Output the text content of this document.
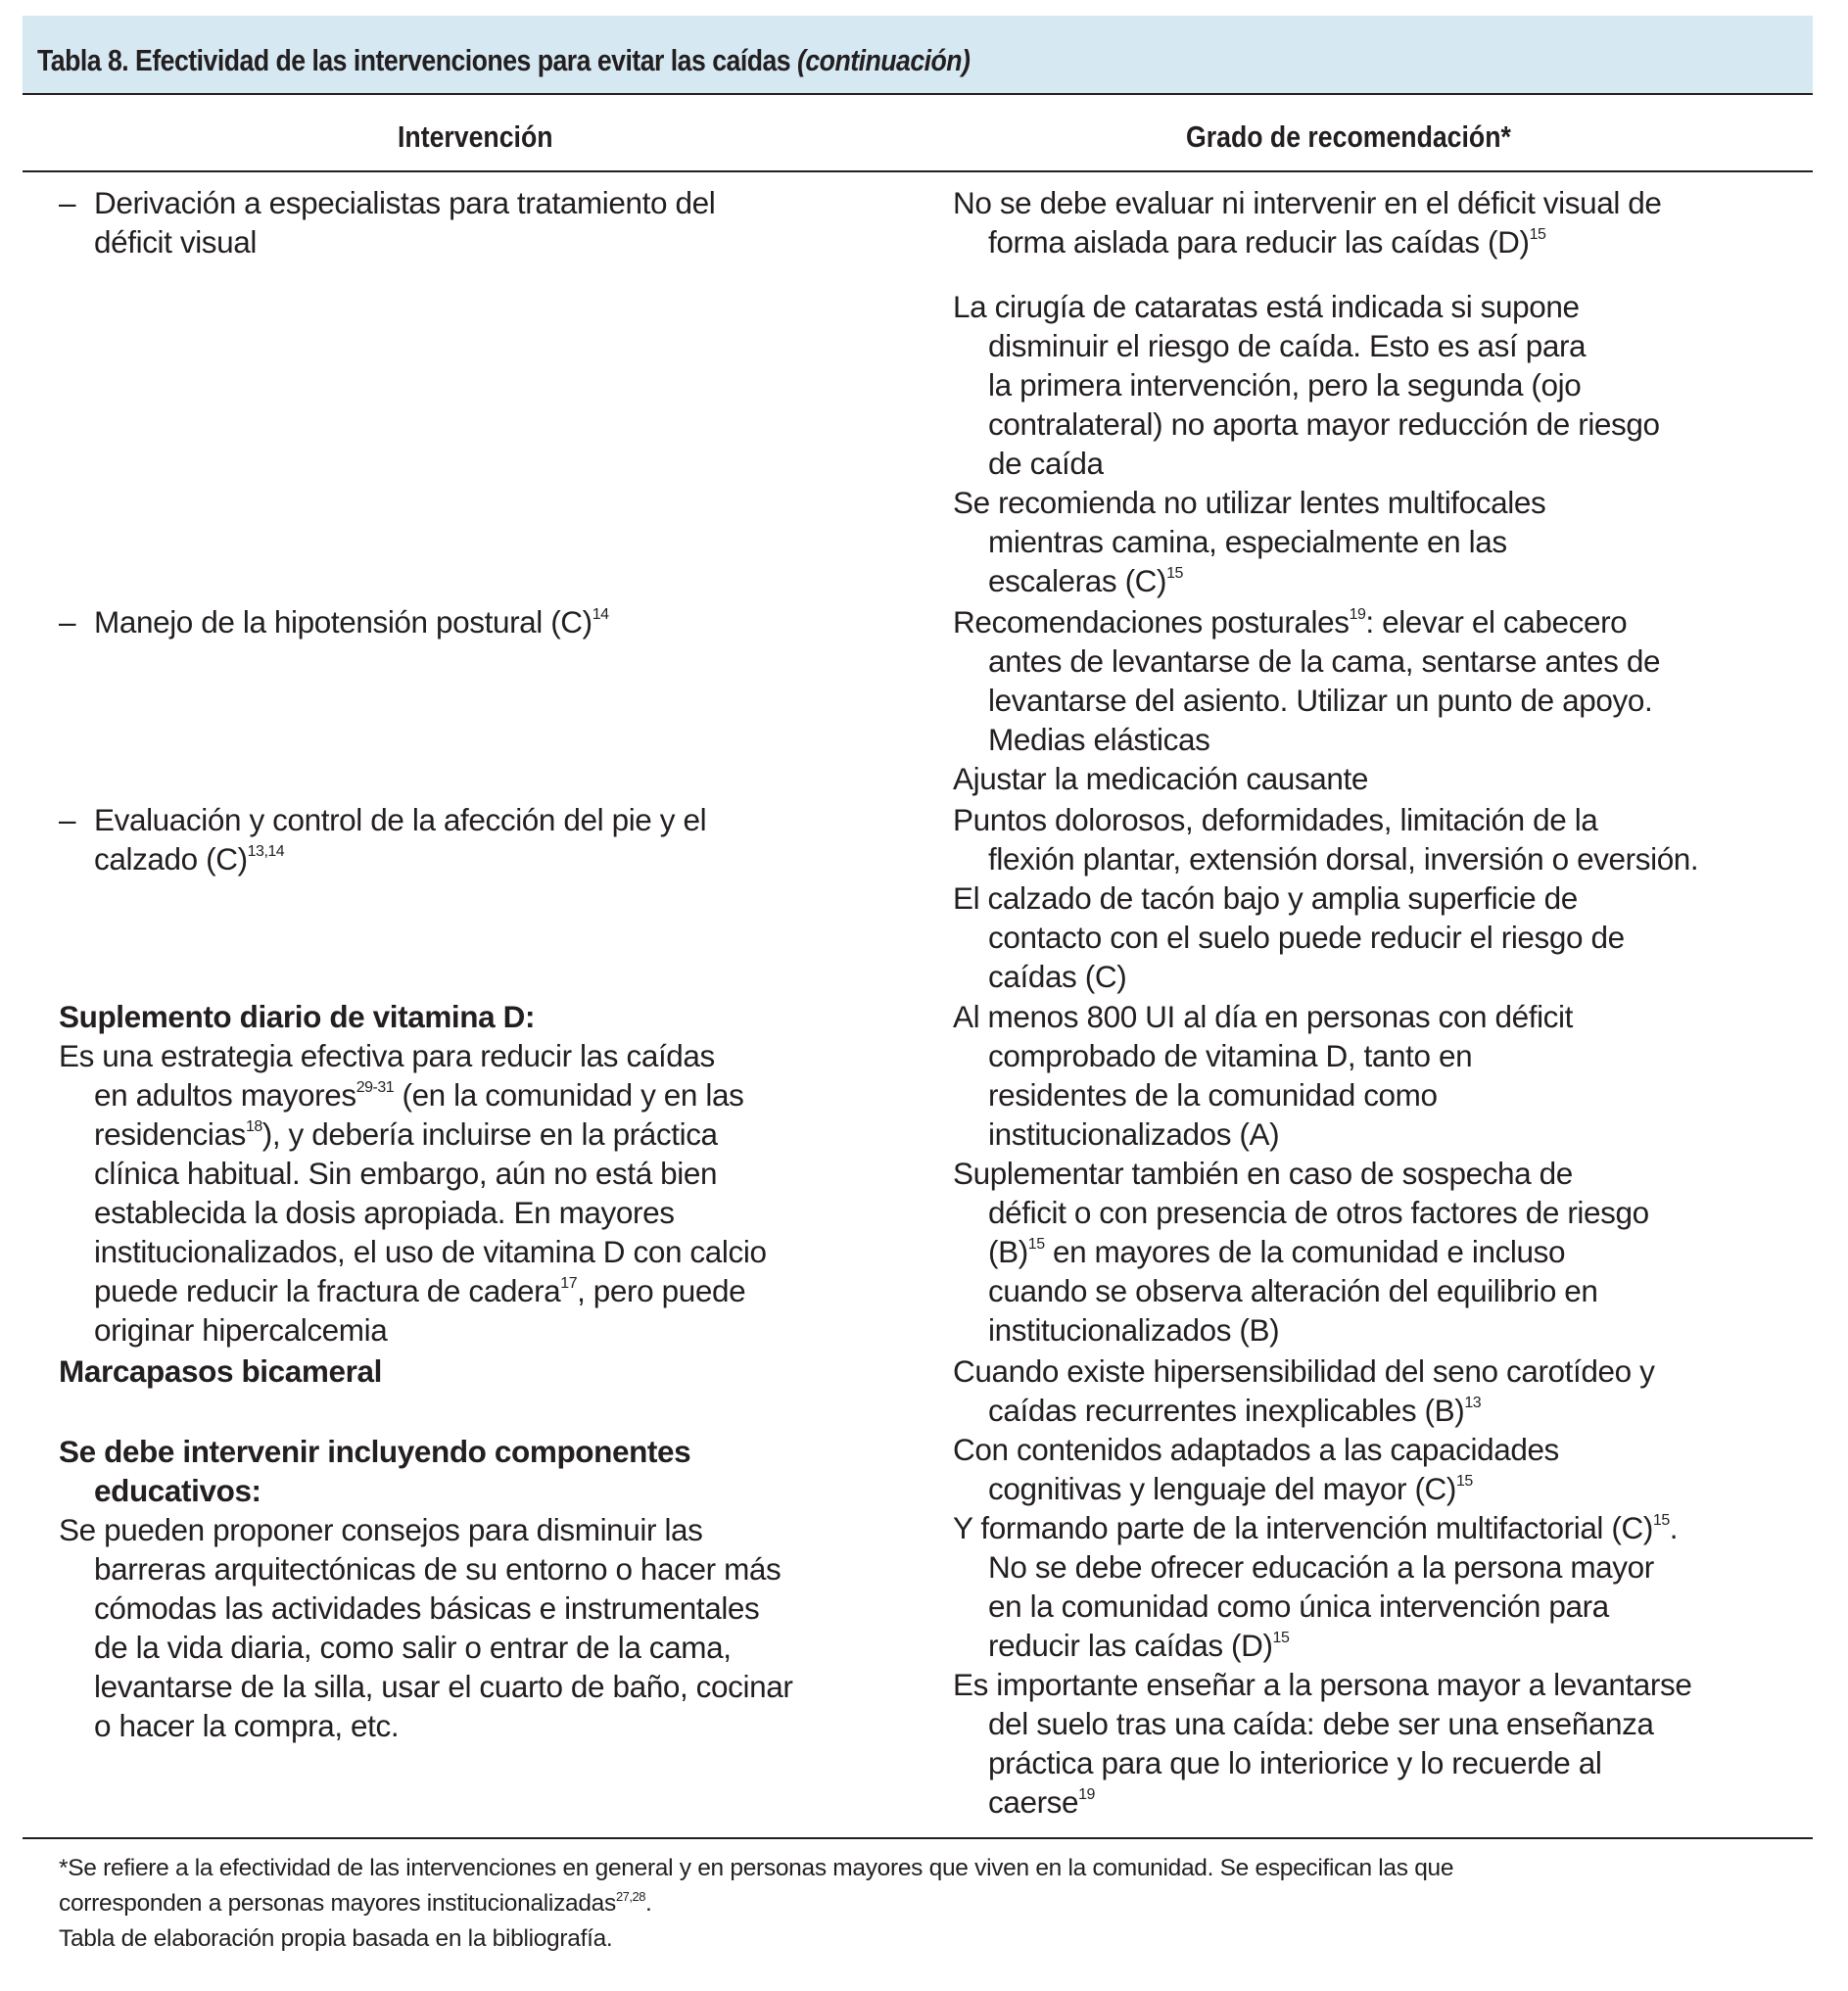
Tabla 8. Efectividad de las intervenciones para evitar las caídas (continuación)
Intervención	Grado de recomendación*
– Derivación a especialistas para tratamiento del
déficit visual
– Manejo de la hipotensión postural $(C)^{14}$
– Evaluación y control de la afección del pie y el
calzado $(C)^{13,14}$
Suplemento diario de vitamina D:
Es una estrategia efectiva para reducir las caídas
en adultos mayores$^{29-31}$ (en la comunidad y en las
residencias$^{18}$), y debería incluirse en la práctica
clínica habitual. Sin embargo, aún no está bien
establecida la dosis apropiada. En mayores
institucionalizados, el uso de vitamina D con calcio
puede reducir la fractura de cadera$^{17}$, pero puede
originar hipercalcemia
Marcapasos bicameral
Se debe intervenir incluyendo componentes
educativos:
Se pueden proponer consejos para disminuir las
barreras arquitectónicas de su entorno o hacer más
cómodas las actividades básicas e instrumentales
de la vida diaria, como salir o entrar de la cama,
levantarse de la silla, usar el cuarto de baño, cocinar
o hacer la compra, etc.
No se debe evaluar ni intervenir en el déficit visual de
forma aislada para reducir las caídas $(D)^{15}$
La cirugía de cataratas está indicada si supone
disminuir el riesgo de caída. Esto es así para
la primera intervención, pero la segunda (ojo
contralateral) no aporta mayor reducción de riesgo
de caída
Se recomienda no utilizar lentes multifocales
mientras camina, especialmente en las
escaleras $(C)^{15}$
Recomendaciones posturales$^{19}$: elevar el cabecero
antes de levantarse de la cama, sentarse antes de
levantarse del asiento. Utilizar un punto de apoyo.
Medias elásticas
Ajustar la medicación causante
Puntos dolorosos, deformidades, limitación de la
flexión plantar, extensión dorsal, inversión o eversión.
El calzado de tacón bajo y amplia superficie de
contacto con el suelo puede reducir el riesgo de
caídas (C)
Al menos 800 UI al día en personas con déficit
comprobado de vitamina D, tanto en
residentes de la comunidad como
institucionalizados (A)
Suplementar también en caso de sospecha de
déficit o con presencia de otros factores de riesgo
$(B)^{15}$ en mayores de la comunidad e incluso
cuando se observa alteración del equilibrio en
institucionalizados (B)
Cuando existe hipersensibilidad del seno carotídeo y
caídas recurrentes inexplicables $(B)^{13}$
Con contenidos adaptados a las capacidades
cognitivas y lenguaje del mayor $(C)^{15}$
Y formando parte de la intervención multifactorial $(C)^{15}$.
No se debe ofrecer educación a la persona mayor
en la comunidad como única intervención para
reducir las caídas $(D)^{15}$
Es importante enseñar a la persona mayor a levantarse
del suelo tras una caída: debe ser una enseñanza
práctica para que lo interiorice y lo recuerde al
caerse$^{19}$
*Se refiere a la efectividad de las intervenciones en general y en personas mayores que viven en la comunidad. Se especifican las que
corresponden a personas mayores institucionalizadas$^{27,28}$.
Tabla de elaboración propia basada en la bibliografía.
